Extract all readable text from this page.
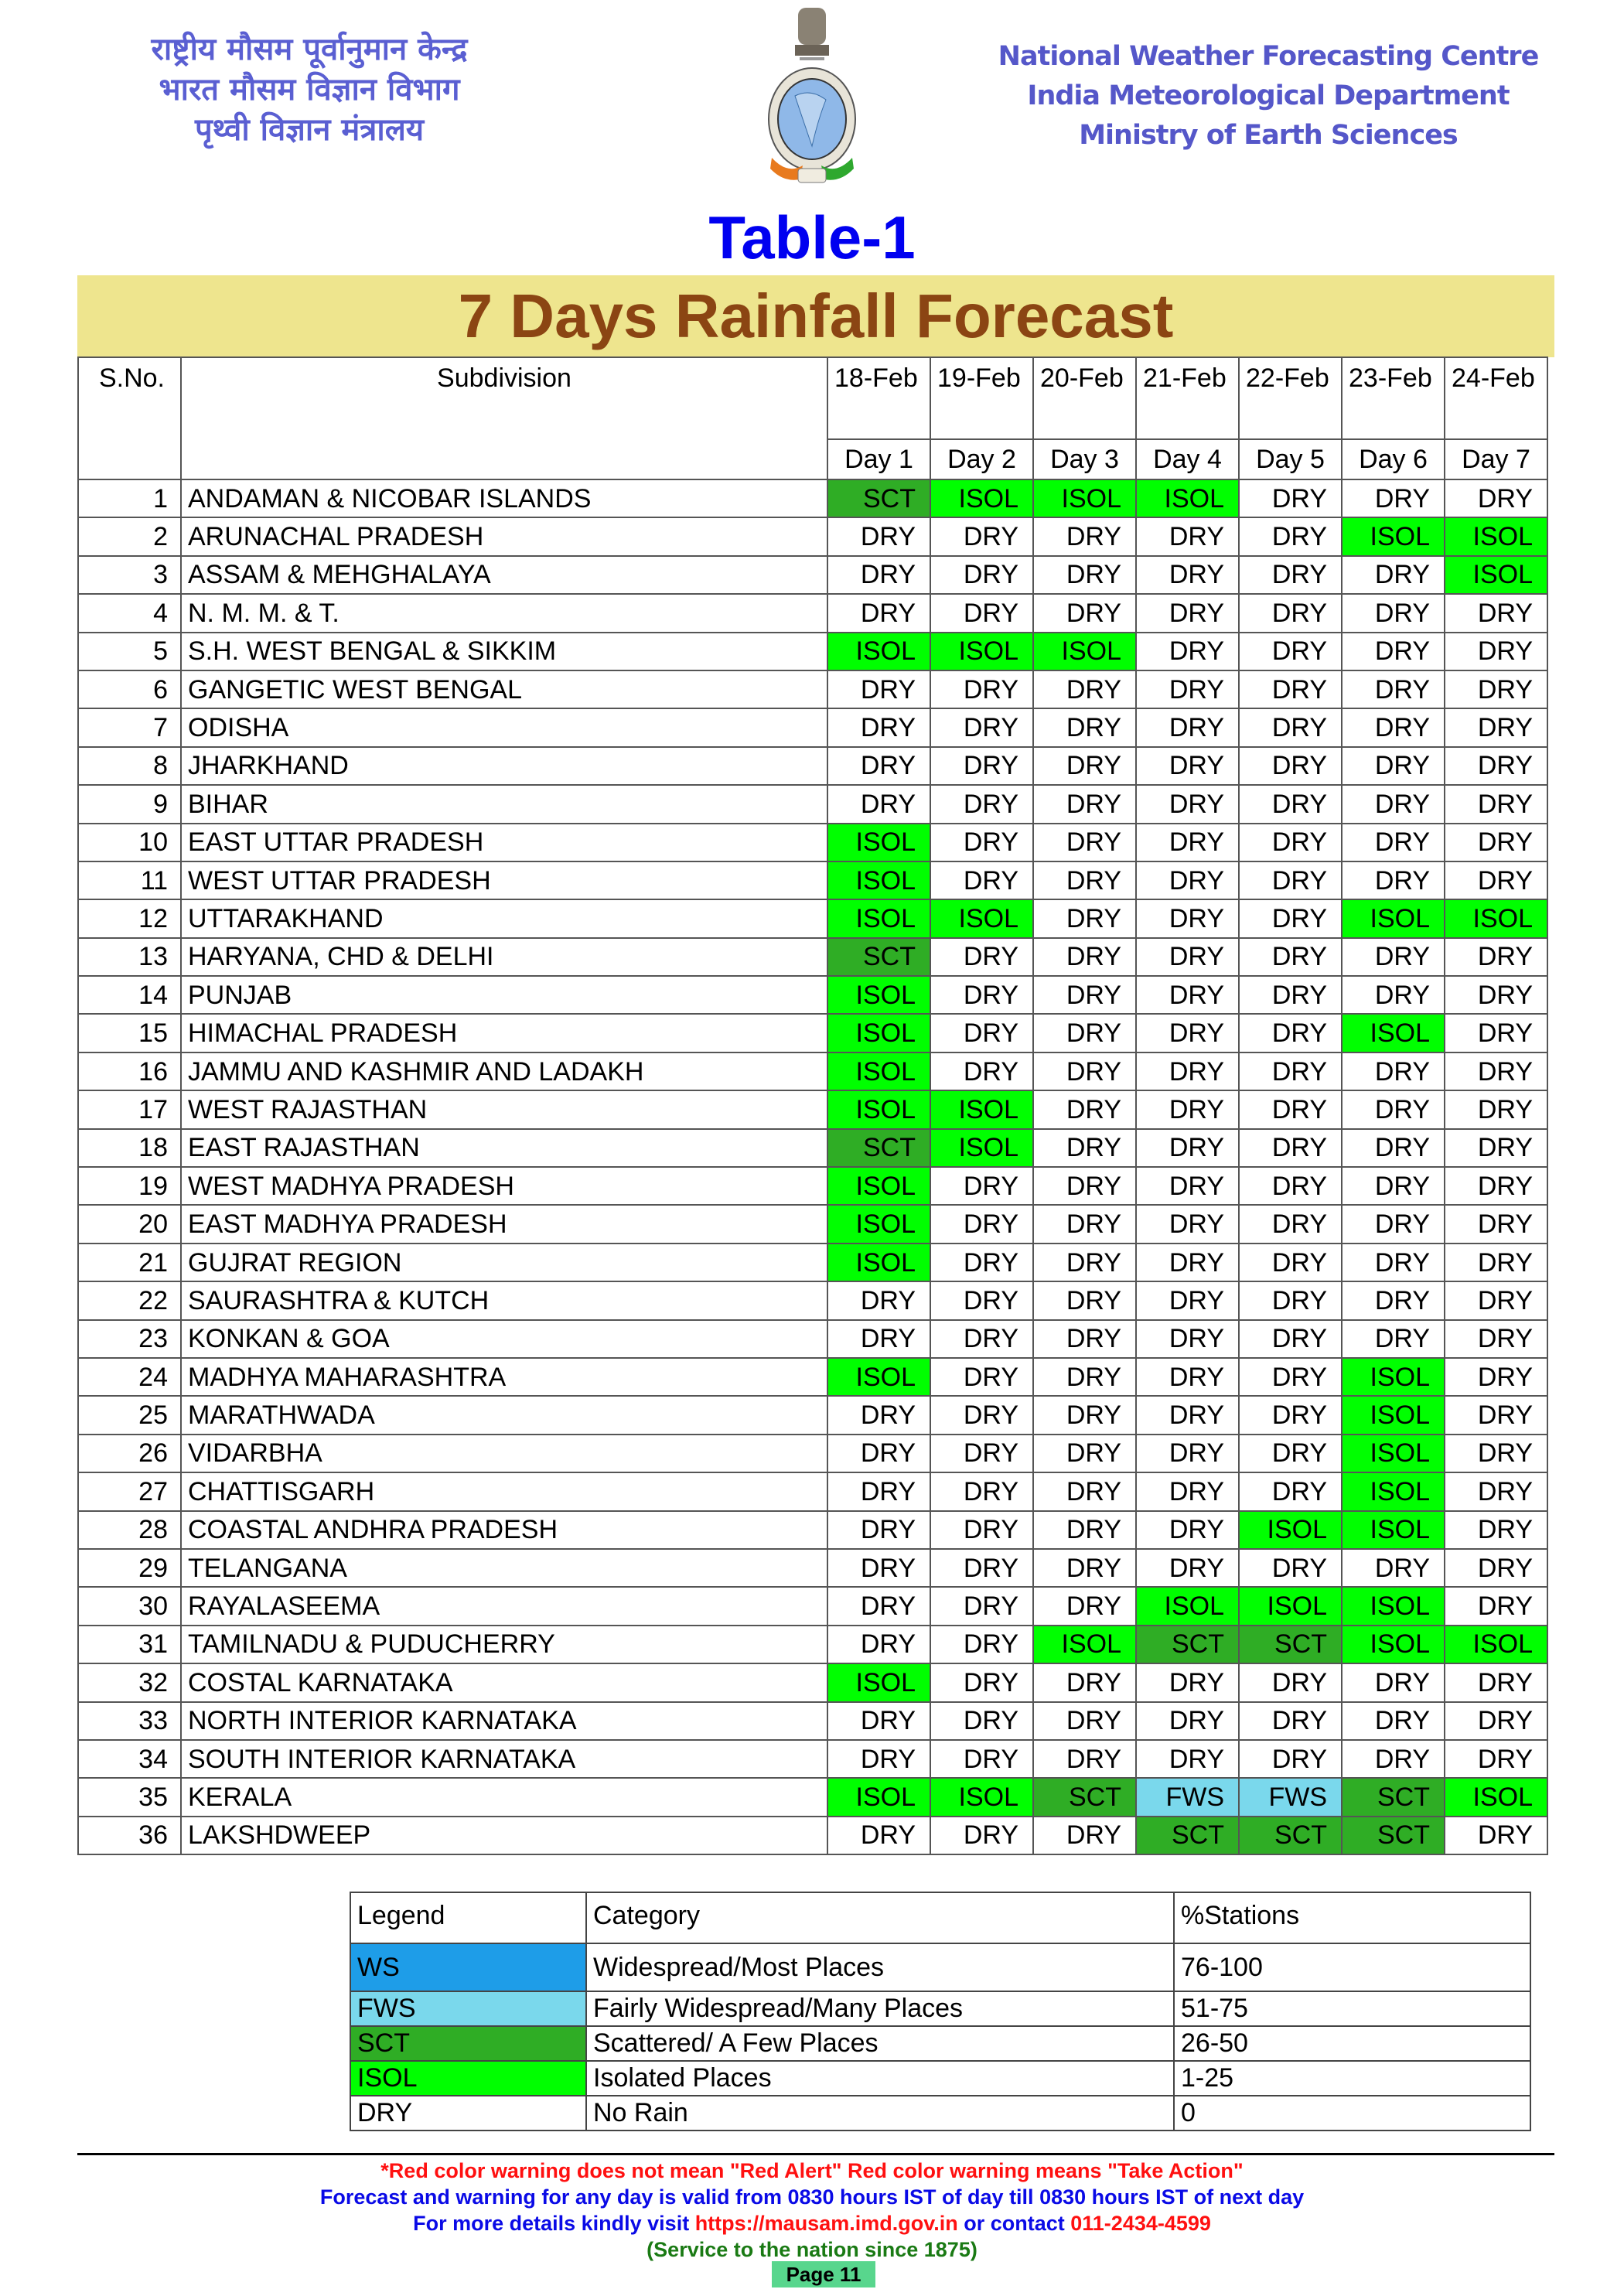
राष्ट्रीय मौसम पूर्वानुमान केन्द्र
भारत मौसम विज्ञान विभाग
पृथ्वी विज्ञान मंत्रालय
National Weather Forecasting Centre
India Meteorological Department
Ministry of Earth Sciences
Table-1
7 Days Rainfall Forecast
S.No.	Subdivision	18-Feb	19-Feb	20-Feb	21-Feb	22-Feb	23-Feb	24-Feb
		Day 1	Day 2	Day 3	Day 4	Day 5	Day 6	Day 7
1	ANDAMAN & NICOBAR ISLANDS	SCT	ISOL	ISOL	ISOL	DRY	DRY	DRY
2	ARUNACHAL PRADESH	DRY	DRY	DRY	DRY	DRY	ISOL	ISOL
3	ASSAM & MEHGHALAYA	DRY	DRY	DRY	DRY	DRY	DRY	ISOL
4	N. M. M. & T.	DRY	DRY	DRY	DRY	DRY	DRY	DRY
5	S.H. WEST BENGAL & SIKKIM	ISOL	ISOL	ISOL	DRY	DRY	DRY	DRY
6	GANGETIC WEST BENGAL	DRY	DRY	DRY	DRY	DRY	DRY	DRY
7	ODISHA	DRY	DRY	DRY	DRY	DRY	DRY	DRY
8	JHARKHAND	DRY	DRY	DRY	DRY	DRY	DRY	DRY
9	BIHAR	DRY	DRY	DRY	DRY	DRY	DRY	DRY
10	EAST UTTAR PRADESH	ISOL	DRY	DRY	DRY	DRY	DRY	DRY
11	WEST UTTAR PRADESH	ISOL	DRY	DRY	DRY	DRY	DRY	DRY
12	UTTARAKHAND	ISOL	ISOL	DRY	DRY	DRY	ISOL	ISOL
13	HARYANA, CHD & DELHI	SCT	DRY	DRY	DRY	DRY	DRY	DRY
14	PUNJAB	ISOL	DRY	DRY	DRY	DRY	DRY	DRY
15	HIMACHAL PRADESH	ISOL	DRY	DRY	DRY	DRY	ISOL	DRY
16	JAMMU AND KASHMIR AND LADAKH	ISOL	DRY	DRY	DRY	DRY	DRY	DRY
17	WEST RAJASTHAN	ISOL	ISOL	DRY	DRY	DRY	DRY	DRY
18	EAST RAJASTHAN	SCT	ISOL	DRY	DRY	DRY	DRY	DRY
19	WEST MADHYA PRADESH	ISOL	DRY	DRY	DRY	DRY	DRY	DRY
20	EAST MADHYA PRADESH	ISOL	DRY	DRY	DRY	DRY	DRY	DRY
21	GUJRAT REGION	ISOL	DRY	DRY	DRY	DRY	DRY	DRY
22	SAURASHTRA & KUTCH	DRY	DRY	DRY	DRY	DRY	DRY	DRY
23	KONKAN & GOA	DRY	DRY	DRY	DRY	DRY	DRY	DRY
24	MADHYA MAHARASHTRA	ISOL	DRY	DRY	DRY	DRY	ISOL	DRY
25	MARATHWADA	DRY	DRY	DRY	DRY	DRY	ISOL	DRY
26	VIDARBHA	DRY	DRY	DRY	DRY	DRY	ISOL	DRY
27	CHATTISGARH	DRY	DRY	DRY	DRY	DRY	ISOL	DRY
28	COASTAL ANDHRA PRADESH	DRY	DRY	DRY	DRY	ISOL	ISOL	DRY
29	TELANGANA	DRY	DRY	DRY	DRY	DRY	DRY	DRY
30	RAYALASEEMA	DRY	DRY	DRY	ISOL	ISOL	ISOL	DRY
31	TAMILNADU & PUDUCHERRY	DRY	DRY	ISOL	SCT	SCT	ISOL	ISOL
32	COSTAL KARNATAKA	ISOL	DRY	DRY	DRY	DRY	DRY	DRY
33	NORTH INTERIOR KARNATAKA	DRY	DRY	DRY	DRY	DRY	DRY	DRY
34	SOUTH INTERIOR KARNATAKA	DRY	DRY	DRY	DRY	DRY	DRY	DRY
35	KERALA	ISOL	ISOL	SCT	FWS	FWS	SCT	ISOL
36	LAKSHDWEEP	DRY	DRY	DRY	SCT	SCT	SCT	DRY
Legend	Category	%Stations
WS	Widespread/Most Places	76-100
FWS	Fairly Widespread/Many Places	51-75
SCT	Scattered/ A Few Places	26-50
ISOL	Isolated Places	1-25
DRY	No Rain	0
*Red color warning does not mean "Red Alert" Red color warning means "Take Action"
Forecast and warning for any day is valid from 0830 hours IST of day till 0830 hours IST of next day
For more details kindly visit https://mausam.imd.gov.in or contact 011-2434-4599
(Service to the nation since 1875)
Page 11
